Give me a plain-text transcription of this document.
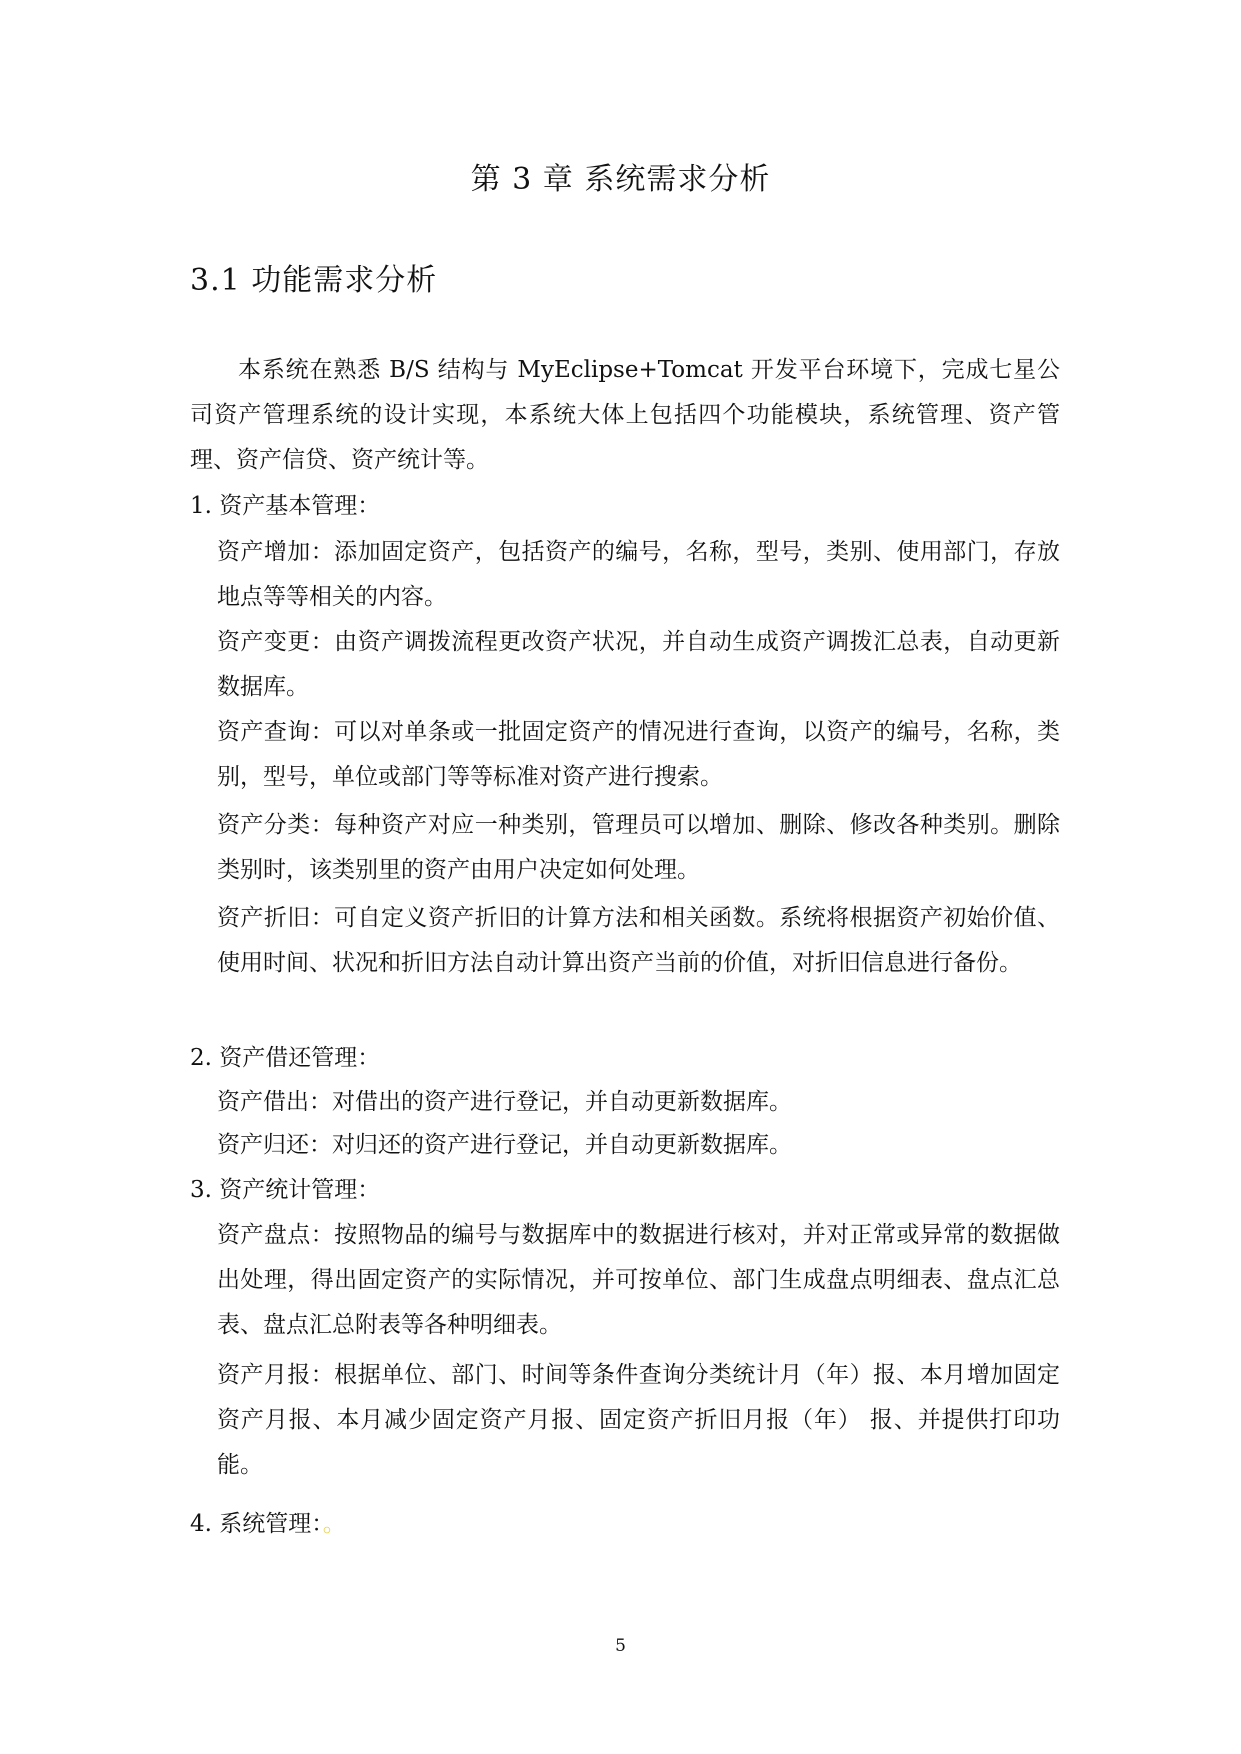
第 3 章 系统需求分析
3.1 功能需求分析

本系统在熟悉 B/S 结构与 MyEclipse+Tomcat 开发平台环境下，完成七星公司资产管理系统的设计实现，本系统大体上包括四个功能模块，系统管理、资产管理、资产信贷、资产统计等。

1. 资产基本管理：

资产增加：添加固定资产，包括资产的编号，名称，型号，类别、使用部门，存放地点等等相关的内容。

资产变更：由资产调拨流程更改资产状况，并自动生成资产调拨汇总表，自动更新数据库。

资产查询：可以对单条或一批固定资产的情况进行查询，以资产的编号，名称，类别，型号，单位或部门等等标准对资产进行搜索。

资产分类：每种资产对应一种类别，管理员可以增加、删除、修改各种类别。删除类别时，该类别里的资产由用户决定如何处理。

资产折旧：可自定义资产折旧的计算方法和相关函数。系统将根据资产初始价值、使用时间、状况和折旧方法自动计算出资产当前的价值，对折旧信息进行备份。

2. 资产借还管理：

资产借出：对借出的资产进行登记，并自动更新数据库。

资产归还：对归还的资产进行登记，并自动更新数据库。

3. 资产统计管理：

资产盘点：按照物品的编号与数据库中的数据进行核对，并对正常或异常的数据做出处理，得出固定资产的实际情况，并可按单位、部门生成盘点明细表、盘点汇总表、盘点汇总附表等各种明细表。

资产月报：根据单位、部门、时间等条件查询分类统计月（年）报、本月增加固定资产月报、本月减少固定资产月报、固定资产折旧月报（年） 报、并提供打印功能。

4. 系统管理：。

5
